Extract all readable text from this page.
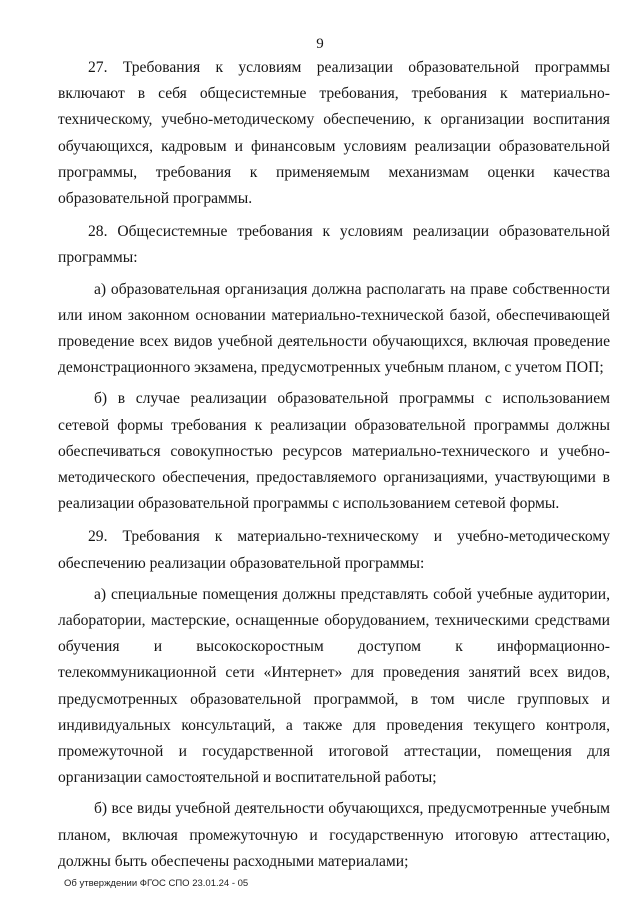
9

27. Требования к условиям реализации образовательной программы включают в себя общесистемные требования, требования к материально-техническому, учебно-методическому обеспечению, к организации воспитания обучающихся, кадровым и финансовым условиям реализации образовательной программы, требования к применяемым механизмам оценки качества образовательной программы.

28. Общесистемные требования к условиям реализации образовательной программы:

а) образовательная организация должна располагать на праве собственности или ином законном основании материально-технической базой, обеспечивающей проведение всех видов учебной деятельности обучающихся, включая проведение демонстрационного экзамена, предусмотренных учебным планом, с учетом ПОП;

б) в случае реализации образовательной программы с использованием сетевой формы требования к реализации образовательной программы должны обеспечиваться совокупностью ресурсов материально-технического и учебно-методического обеспечения, предоставляемого организациями, участвующими в реализации образовательной программы с использованием сетевой формы.

29. Требования к материально-техническому и учебно-методическому обеспечению реализации образовательной программы:

а) специальные помещения должны представлять собой учебные аудитории, лаборатории, мастерские, оснащенные оборудованием, техническими средствами обучения и высокоскоростным доступом к информационно-телекоммуникационной сети «Интернет» для проведения занятий всех видов, предусмотренных образовательной программой, в том числе групповых и индивидуальных консультаций, а также для проведения текущего контроля, промежуточной и государственной итоговой аттестации, помещения для организации самостоятельной и воспитательной работы;

б) все виды учебной деятельности обучающихся, предусмотренные учебным планом, включая промежуточную и государственную итоговую аттестацию, должны быть обеспечены расходными материалами;

Об утверждении ФГОС СПО 23.01.24 - 05
